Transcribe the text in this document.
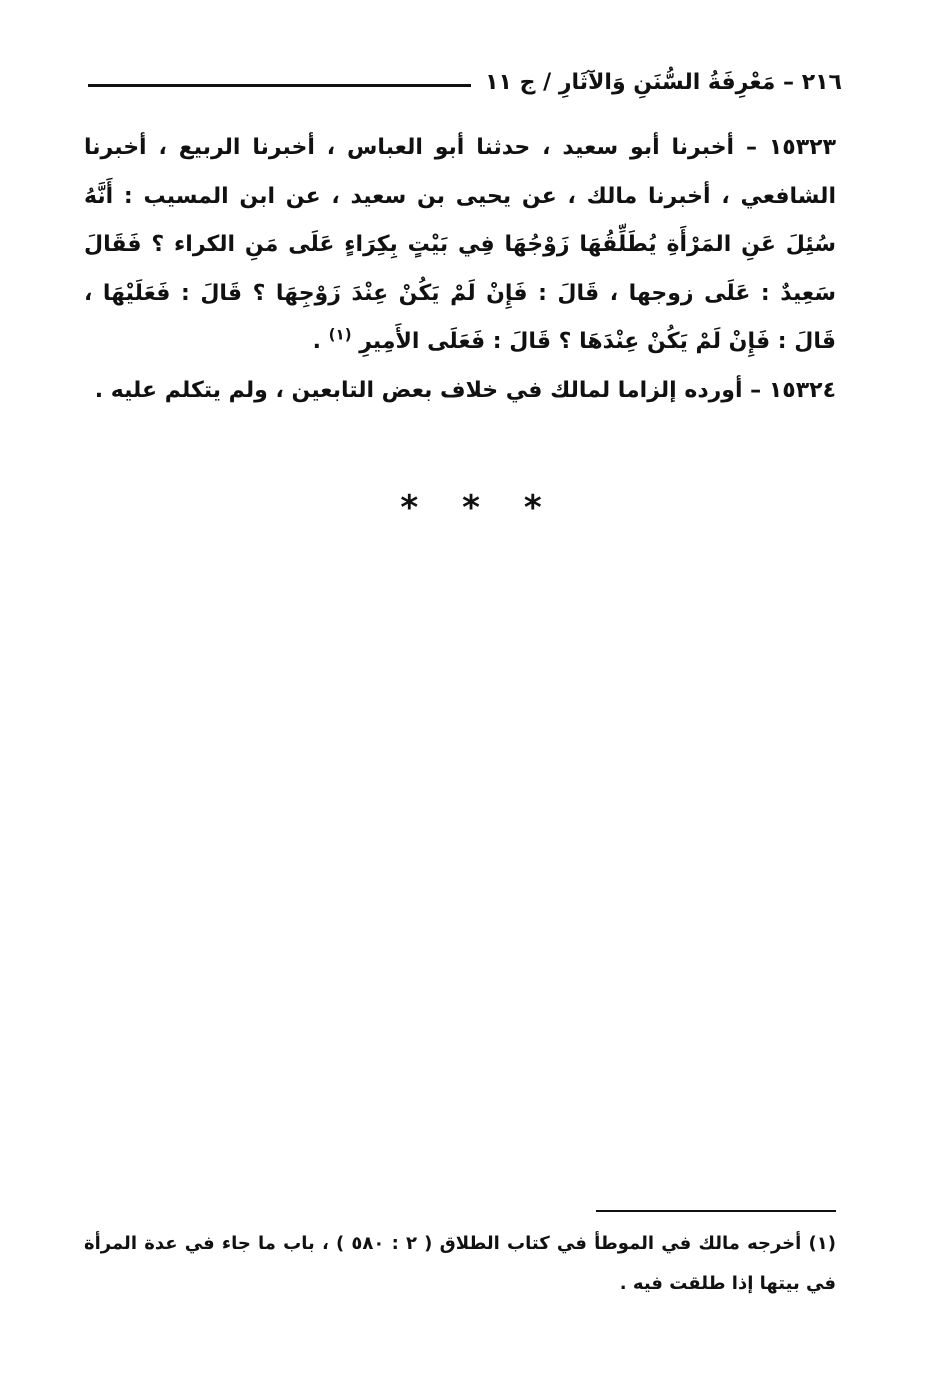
٢١٦ – مَعْرِفَةُ السُّنَنِ وَالآثَارِ / ج ١١

١٥٣٢٣ – أخبرنا أبو سعيد ، حدثنا أبو العباس ، أخبرنا الربيع ، أخبرنا الشافعي ، أخبرنا مالك ، عن يحيى بن سعيد ، عن ابن المسيب : أَنَّهُ سُئِلَ عَنِ المَرْأَةِ يُطَلِّقُهَا زَوْجُهَا فِي بَيْتٍ بِكِرَاءٍ عَلَى مَنِ الكراء ؟ فَقَالَ سَعِيدٌ : عَلَى زوجها ، قَالَ : فَإِنْ لَمْ يَكُنْ عِنْدَ زَوْجِهَا ؟ قَالَ : فَعَلَيْهَا ، قَالَ : فَإِنْ لَمْ يَكُنْ عِنْدَهَا ؟ قَالَ : فَعَلَى الأَمِيرِ $^{(١)}$ .

١٥٣٢٤ – أورده إلزاما لمالك في خلاف بعض التابعين ، ولم يتكلم عليه .

*
*
*

(١) أخرجه مالك في الموطأ في كتاب الطلاق ( ٢ : ٥٨٠ ) ، باب ما جاء في عدة المرأة في بيتها إذا طلقت فيه .
